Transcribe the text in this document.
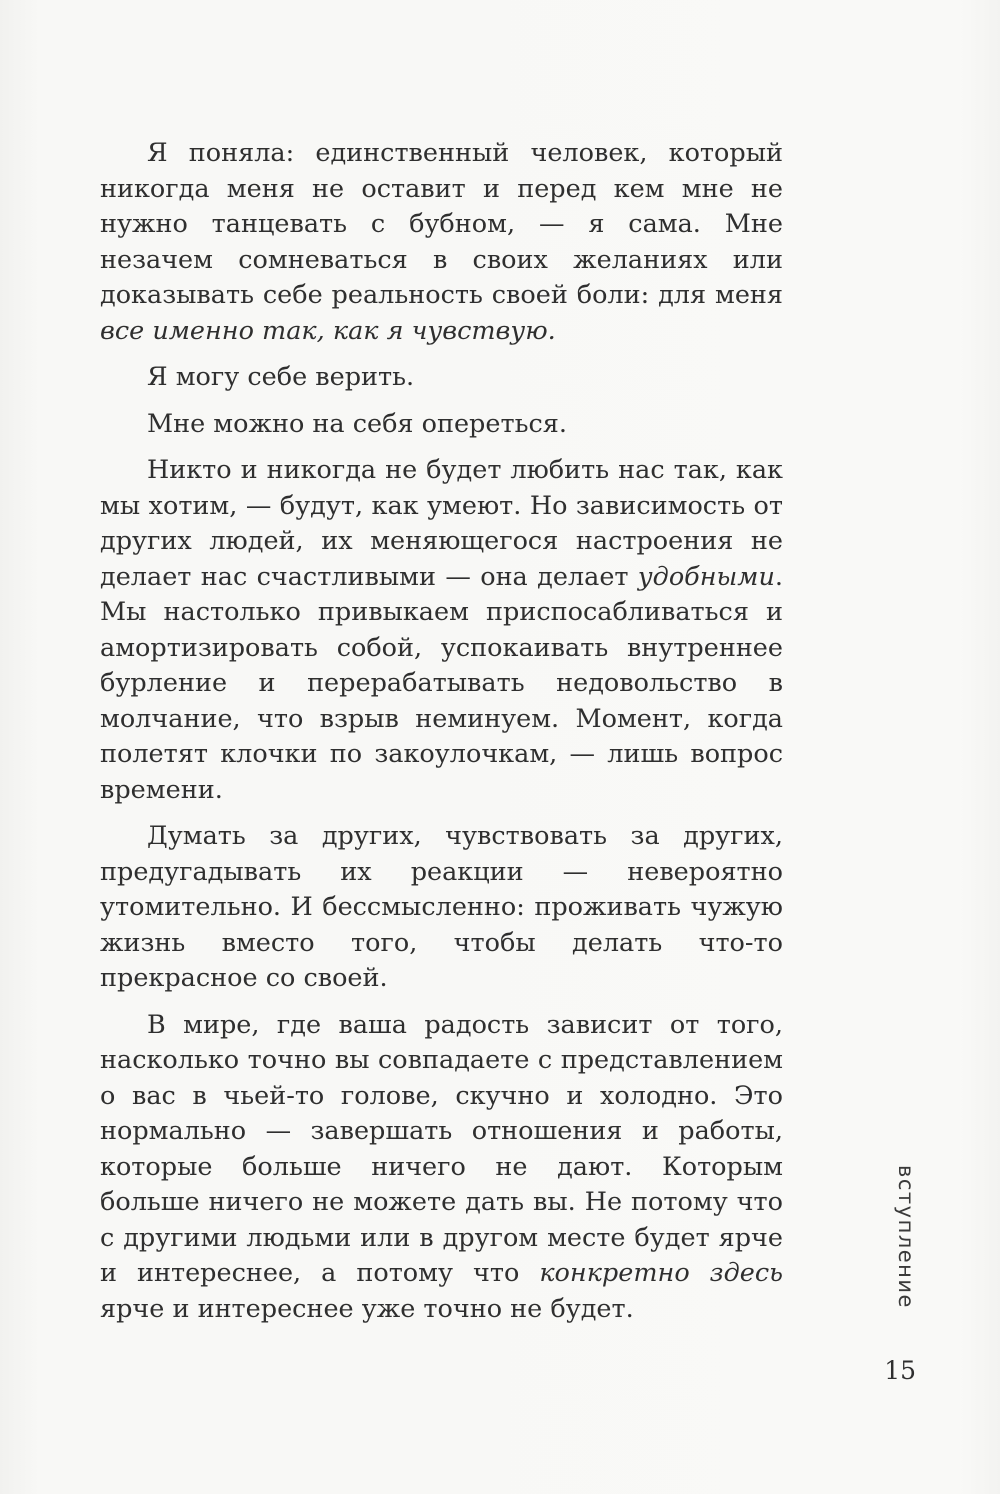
Я поняла: единственный человек, который никогда меня не оставит и перед кем мне не нужно танцевать с бубном, — я сама. Мне незачем сомневаться в своих желаниях или доказывать себе реальность своей боли: для меня все именно так, как я чувствую.

Я могу себе верить.

Мне можно на себя опереться.

Никто и никогда не будет любить нас так, как мы хотим, — будут, как умеют. Но зависимость от других людей, их меняющегося настроения не делает нас счастливыми — она делает удобными. Мы настолько привыкаем приспосабливаться и амортизировать собой, успокаивать внутреннее бурление и перерабатывать недовольство в молчание, что взрыв неминуем. Момент, когда полетят клочки по закоулочкам, — лишь вопрос времени.

Думать за других, чувствовать за других, предугадывать их реакции — невероятно утомительно. И бессмысленно: проживать чужую жизнь вместо того, чтобы делать что-то прекрасное со своей.

В мире, где ваша радость зависит от того, насколько точно вы совпадаете с представлением о вас в чьей-то голове, скучно и холодно. Это нормально — завершать отношения и работы, которые больше ничего не дают. Которым больше ничего не можете дать вы. Не потому что с другими людьми или в другом месте будет ярче и интереснее, а потому что конкретно здесь ярче и интереснее уже точно не будет.	вступление
15
